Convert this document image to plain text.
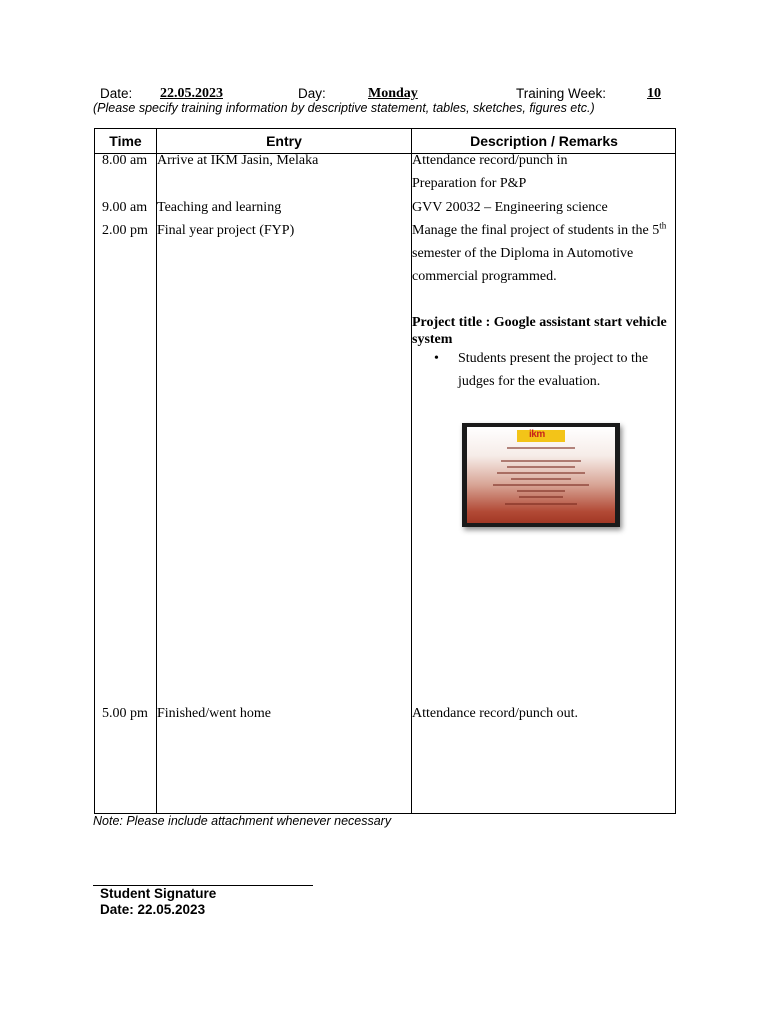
Date: 22.05.2023	Day:	Monday	Training Week:	10
(Please specify training information by descriptive statement, tables, sketches, figures etc.)
Time	Entry	Description / Remarks
8.00 am Arrive at IKM Jasin, Melaka	Attendance record/punch in
Preparation for P&P
9.00 am Teaching and learning	GVV 20032 – Engineering science
2.00 pm Final year project (FYP)	Manage the final project of students in the 5th
semester of the Diploma in Automotive
commercial programmed.
Project title : Google assistant start vehicle system
• Students present the project to the
judges for the evaluation.
ikm
5.00 pm Finished/went home	Attendance record/punch out.
Note: Please include attachment whenever necessary
Student Signature
Date: 22.05.2023
